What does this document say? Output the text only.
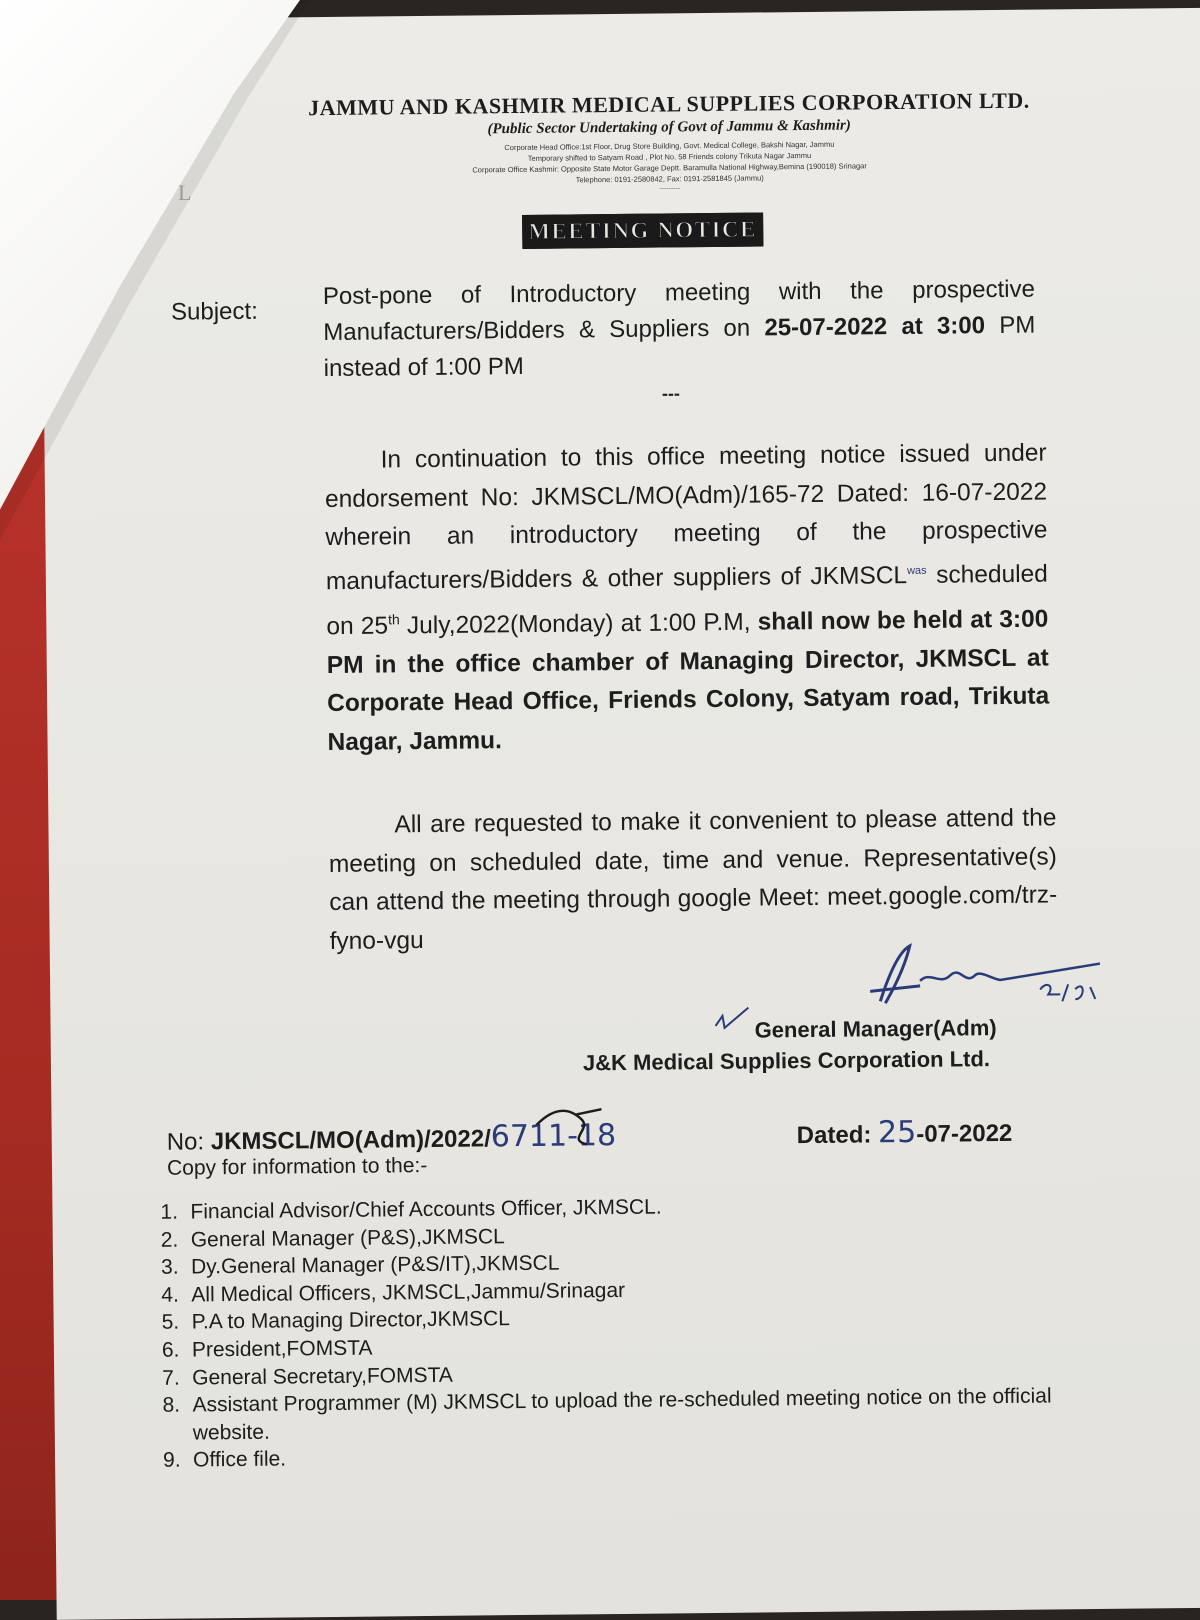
JAMMU AND KASHMIR MEDICAL SUPPLIES CORPORATION LTD.
(Public Sector Undertaking of Govt of Jammu & Kashmir)
Corporate Head Office:1st Floor, Drug Store Building, Govt. Medical College, Bakshi Nagar, Jammu
Temporary shifted to Satyam Road , Plot No. 58 Friends colony Trikuta Nagar Jammu
Corporate Office Kashmir: Opposite State Motor Garage Deptt. Baramulla National Highway,Bemina (190018) Srinagar
Telephone: 0191-2580842, Fax: 0191-2581845 (Jammu)
---------
MEETING NOTICE
Subject:
Post-pone of Introductory meeting with the prospective Manufacturers/Bidders & Suppliers on 25-07-2022 at 3:00 PM instead of 1:00 PM
---
In continuation to this office meeting notice issued under endorsement No: JKMSCL/MO(Adm)/165-72 Dated: 16-07-2022 wherein an introductory meeting of the prospective manufacturers/Bidders & other suppliers of $JKMSCL^{was}$ scheduled on 25th July,2022(Monday) at 1:00 P.M, shall now be held at 3:00 PM in the office chamber of Managing Director, JKMSCL at Corporate Head Office, Friends Colony, Satyam road, Trikuta Nagar, Jammu.
All are requested to make it convenient to please attend the meeting on scheduled date, time and venue. Representative(s) can attend the meeting through google Meet: meet.google.com/trz-fyno-vgu
General Manager(Adm)
J&K Medical Supplies Corporation Ltd.
No: JKMSCL/MO(Adm)/2022/6711-18	Dated: 25-07-2022
Copy for information to the:-
1. Financial Advisor/Chief Accounts Officer, JKMSCL.
2. General Manager (P&S),JKMSCL
3. Dy.General Manager (P&S/IT),JKMSCL
4. All Medical Officers, JKMSCL,Jammu/Srinagar
5. P.A to Managing Director,JKMSCL
6. President,FOMSTA
7. General Secretary,FOMSTA
8. Assistant Programmer (M) JKMSCL to upload the re-scheduled meeting notice on the official website.
9. Office file.
L
